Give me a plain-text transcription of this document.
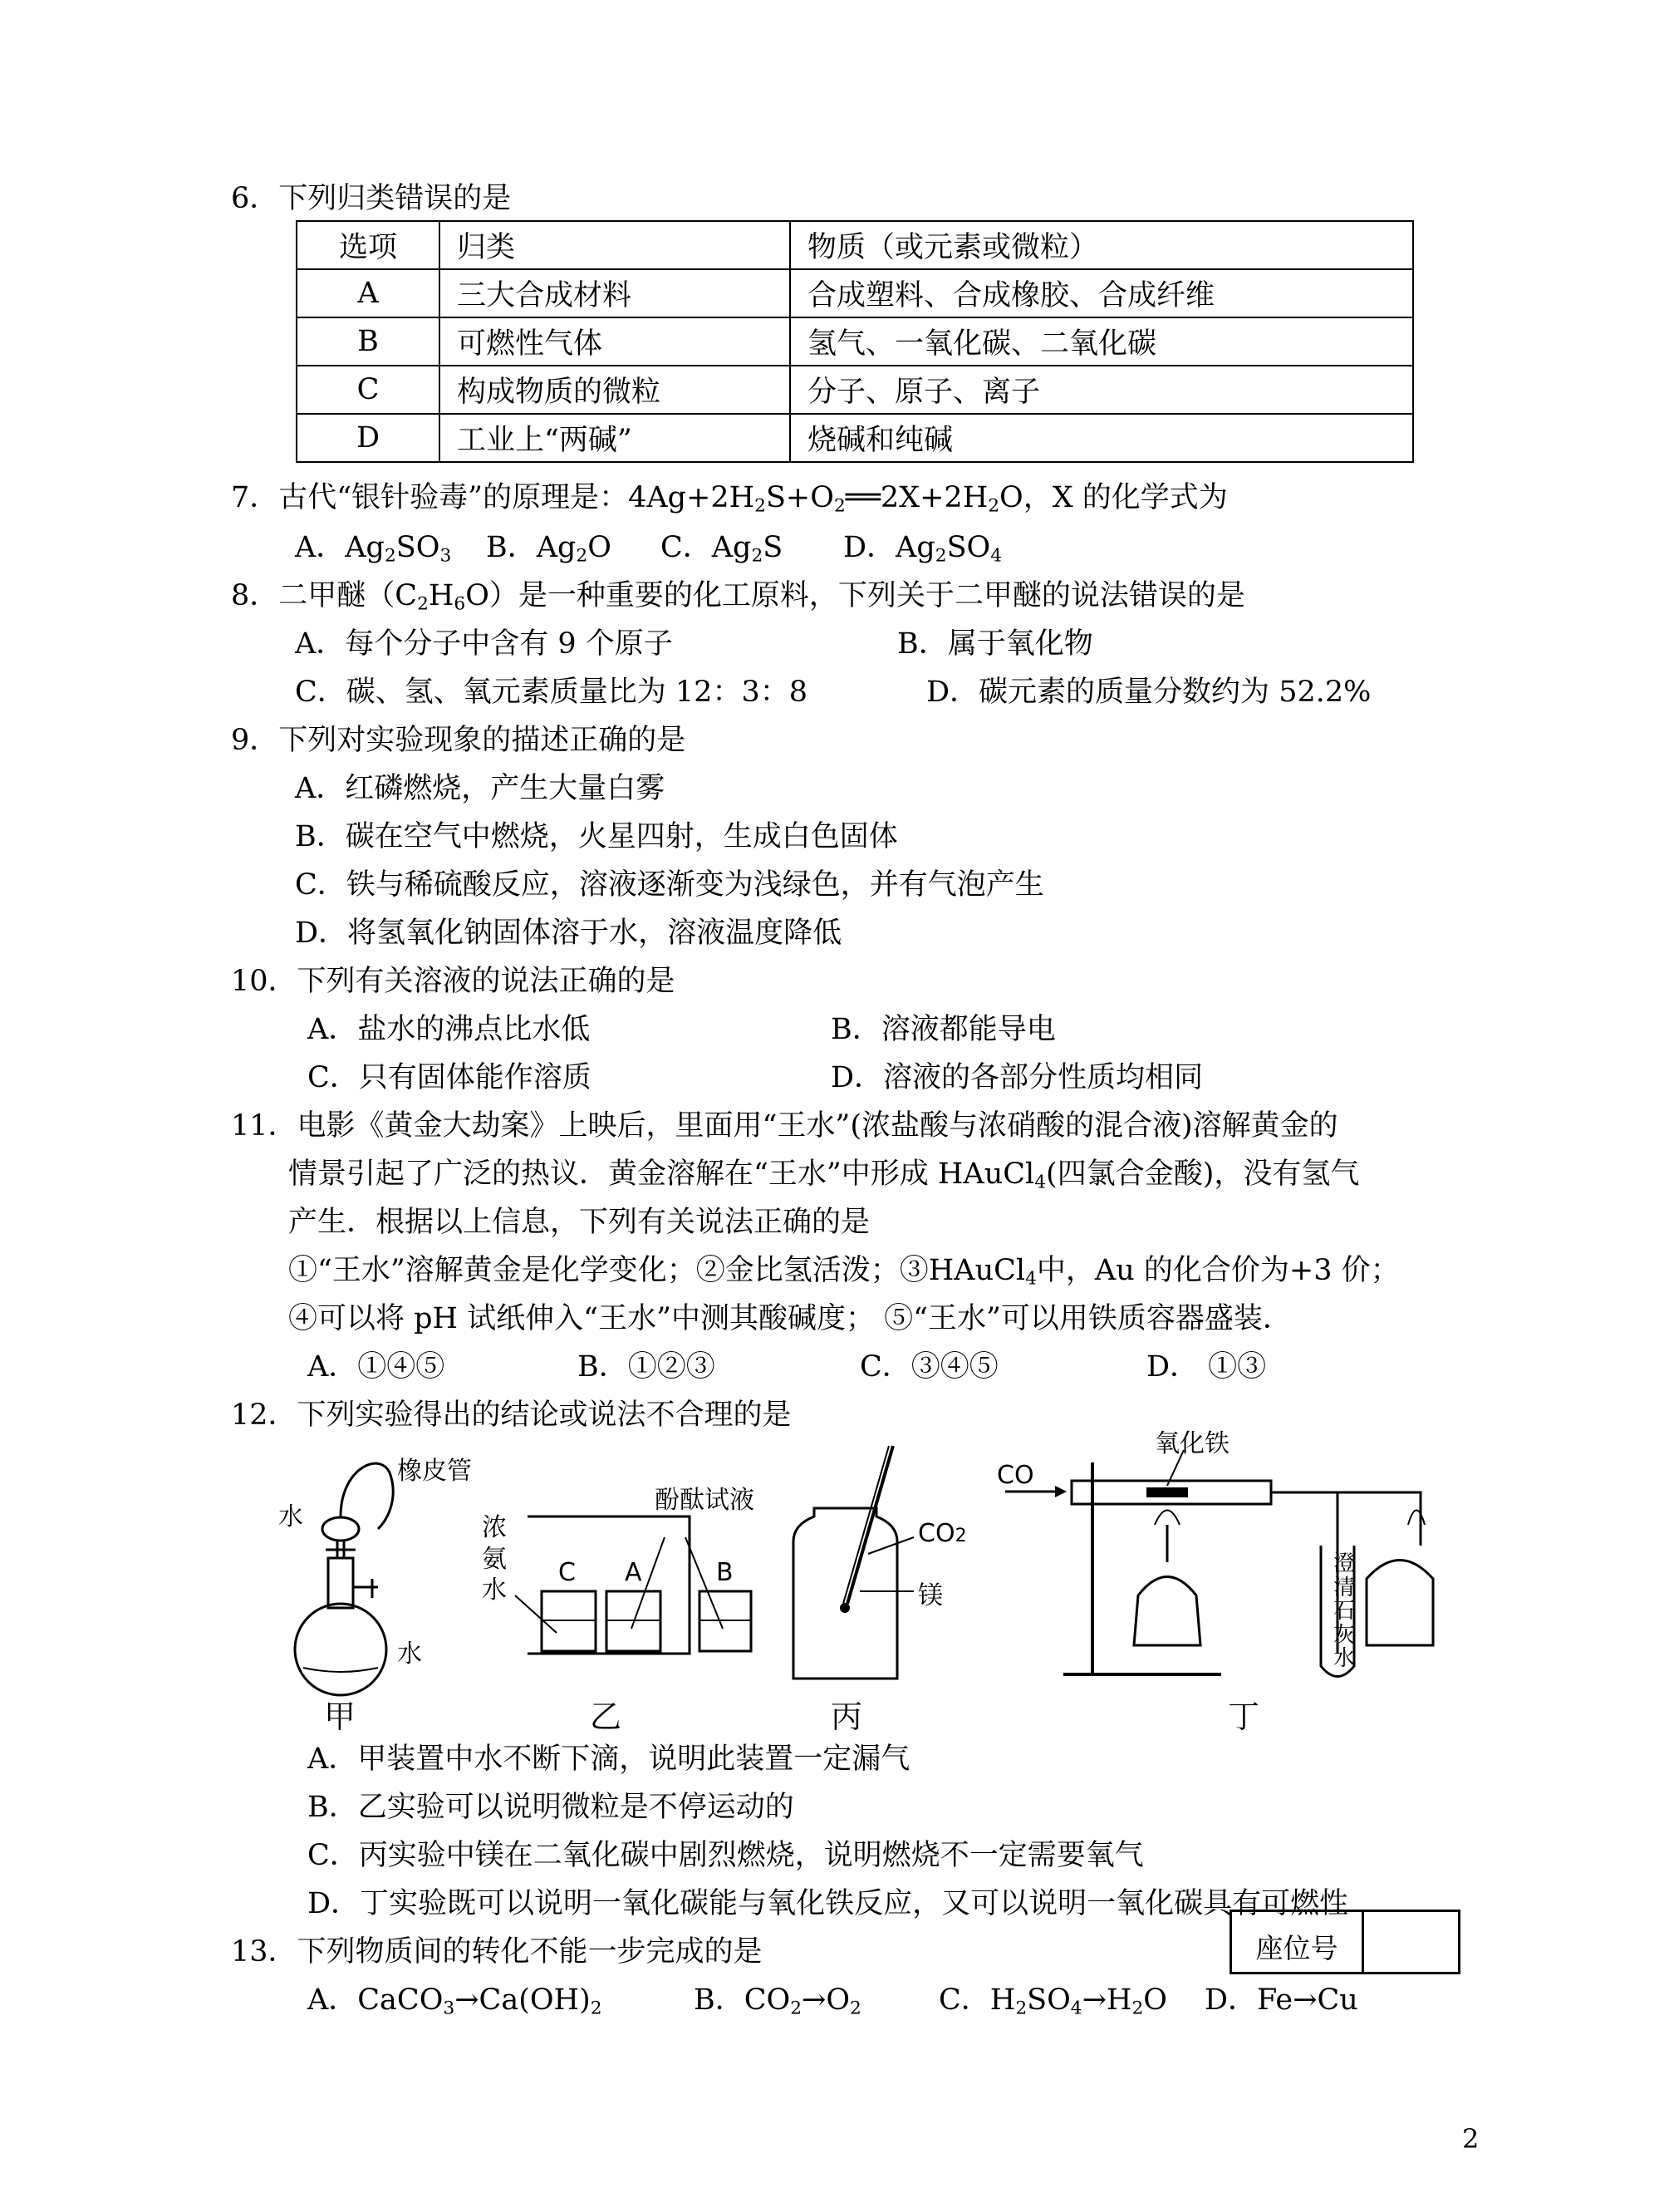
6．下列归类错误的是
选项	归类	物质（或元素或微粒）
A	三大合成材料	合成塑料、合成橡胶、合成纤维
B	可燃性气体	氢气、一氧化碳、二氧化碳
C	构成物质的微粒	分子、原子、离子
D	工业上“两碱”	烧碱和纯碱
7．古代“银针验毒”的原理是：$4Ag+2H_2S+O_2══2X+2H_2O$，X 的化学式为
A．$Ag_2SO_3$ B．$Ag_2O$ C．$Ag_2S$ D．$Ag_2SO_4$
8．二甲醚$(C_2H_6O)$是一种重要的化工原料，下列关于二甲醚的说法错误的是
A．每个分子中含有 9 个原子	B．属于氧化物
C．碳、氢、氧元素质量比为 12：3：8	D．碳元素的质量分数约为 52.2%
9．下列对实验现象的描述正确的是
A．红磷燃烧，产生大量白雾
B．碳在空气中燃烧，火星四射，生成白色固体
C．铁与稀硫酸反应，溶液逐渐变为浅绿色，并有气泡产生
D．将氢氧化钠固体溶于水，溶液温度降低
10．下列有关溶液的说法正确的是
A．盐水的沸点比水低	B．溶液都能导电
C．只有固体能作溶质	D．溶液的各部分性质均相同
11．电影《黄金大劫案》上映后，里面用“王水”(浓盐酸与浓硝酸的混合液)溶解黄金的
情景引起了广泛的热议．黄金溶解在“王水”中形成 HAuCl$_4$(四氯合金酸)，没有氢气
产生．根据以上信息，下列有关说法正确的是
①“王水”溶解黄金是化学变化；②金比氢活泼；③HAuCl$_4$中，Au 的化合价为+3 价；
④可以将 pH 试纸伸入“王水”中测其酸碱度； ⑤“王水”可以用铁质容器盛装．
A．①④⑤	B．①②③	C．③④⑤	D． ①③
12．下列实验得出的结论或说法不合理的是
水
橡皮管
水
甲
浓
氨
水
酚酞试液
C A	B
乙
CO2
镁
丙
CO
氧化铁
澄
清
石
灰
水
丁
A．甲装置中水不断下滴，说明此装置一定漏气
B．乙实验可以说明微粒是不停运动的
C．丙实验中镁在二氧化碳中剧烈燃烧，说明燃烧不一定需要氧气
D．丁实验既可以说明一氧化碳能与氧化铁反应，又可以说明一氧化碳具有可燃性
13．下列物质间的转化不能一步完成的是
A．$CaCO_3\to Ca(OH)_2$	B．$CO_2\to O_2$	C．$H_2SO_4\to H_2O$ D．Fe→Cu
座位号
2
